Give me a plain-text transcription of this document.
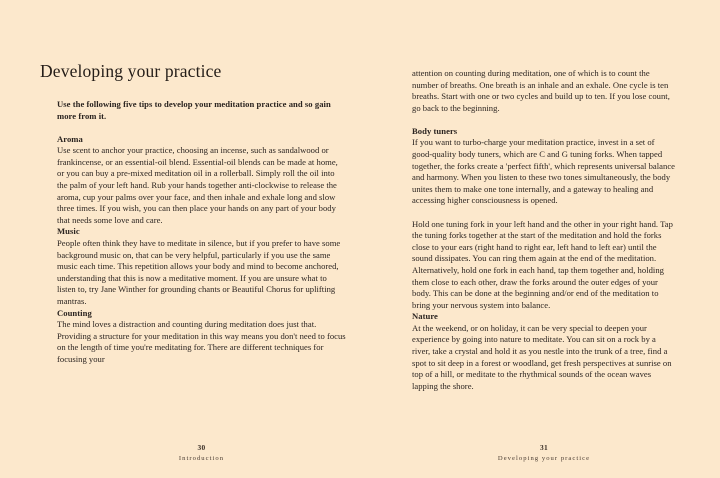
Developing your practice

Use the following five tips to develop your meditation practice and so gain more from it.

Aroma

Use scent to anchor your practice, choosing an incense, such as sandalwood or frankincense, or an essential-oil blend. Essential-oil blends can be made at home, or you can buy a pre-mixed meditation oil in a rollerball. Simply roll the oil into the palm of your left hand. Rub your hands together anti-clockwise to release the aroma, cup your palms over your face, and then inhale and exhale long and slow three times. If you wish, you can then place your hands on any part of your body that needs some love and care.

Music

People often think they have to meditate in silence, but if you prefer to have some background music on, that can be very helpful, particularly if you use the same music each time. This repetition allows your body and mind to become anchored, understanding that this is now a meditative moment. If you are unsure what to listen to, try Jane Winther for grounding chants or Beautiful Chorus for uplifting mantras.

Counting

The mind loves a distraction and counting during meditation does just that. Providing a structure for your meditation in this way means you don't need to focus on the length of time you're meditating for. There are different techniques for focusing your

30
Introduction

attention on counting during meditation, one of which is to count the number of breaths. One breath is an inhale and an exhale. One cycle is ten breaths. Start with one or two cycles and build up to ten. If you lose count, go back to the beginning.

Body tuners

If you want to turbo-charge your meditation practice, invest in a set of good-quality body tuners, which are C and G tuning forks. When tapped together, the forks create a 'perfect fifth', which represents universal balance and harmony. When you listen to these two tones simultaneously, the body unites them to make one tone internally, and a gateway to healing and accessing higher consciousness is opened.

Hold one tuning fork in your left hand and the other in your right hand. Tap the tuning forks together at the start of the meditation and hold the forks close to your ears (right hand to right ear, left hand to left ear) until the sound dissipates. You can ring them again at the end of the meditation. Alternatively, hold one fork in each hand, tap them together and, holding them close to each other, draw the forks around the outer edges of your body. This can be done at the beginning and/or end of the meditation to bring your nervous system into balance.

Nature

At the weekend, or on holiday, it can be very special to deepen your experience by going into nature to meditate. You can sit on a rock by a river, take a crystal and hold it as you nestle into the trunk of a tree, find a spot to sit deep in a forest or woodland, get fresh perspectives at sunrise on top of a hill, or meditate to the rhythmical sounds of the ocean waves lapping the shore.

31
Developing your practice
